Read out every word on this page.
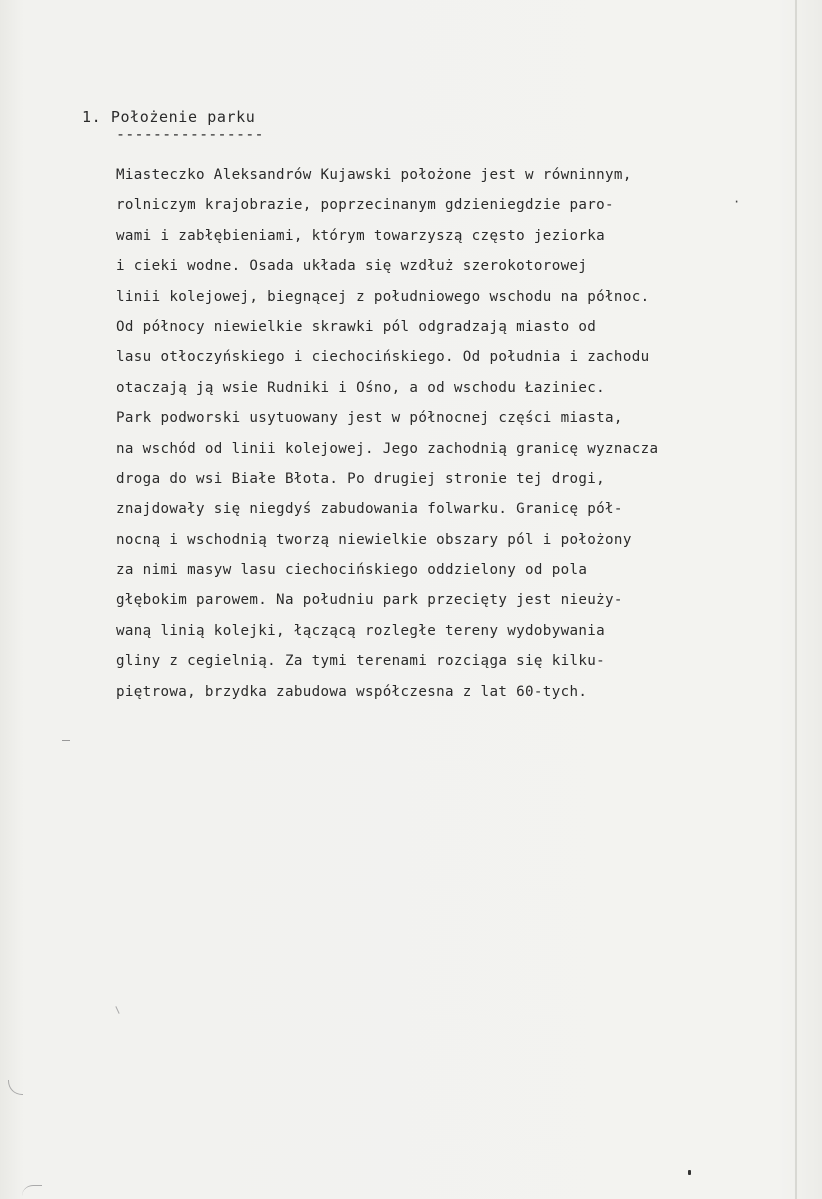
1. Położenie parku
----------------
Miasteczko Aleksandrów Kujawski położone jest w równinnym,
rolniczym krajobrazie, poprzecinanym gdzieniegdzie paro-
wami i zabłębieniami, którym towarzyszą często jeziorka
i cieki wodne. Osada układa się wzdłuż szerokotorowej
linii kolejowej, biegnącej z południowego wschodu na północ.
Od północy niewielkie skrawki pól odgradzają miasto od
lasu otłoczyńskiego i ciechocińskiego. Od południa i zachodu
otaczają ją wsie Rudniki i Ośno, a od wschodu Łaziniec.
Park podworski usytuowany jest w północnej części miasta,
na wschód od linii kolejowej. Jego zachodnią granicę wyznacza
droga do wsi Białe Błota. Po drugiej stronie tej drogi,
znajdowały się niegdyś zabudowania folwarku. Granicę pół-
nocną i wschodnią tworzą niewielkie obszary pól i położony
za nimi masyw lasu ciechocińskiego oddzielony od pola
głębokim parowem. Na południu park przecięty jest nieuży-
waną linią kolejki, łączącą rozległe tereny wydobywania
gliny z cegielnią. Za tymi terenami rozciąga się kilku-
piętrowa, brzydka zabudowa współczesna z lat 60-tych.
·
